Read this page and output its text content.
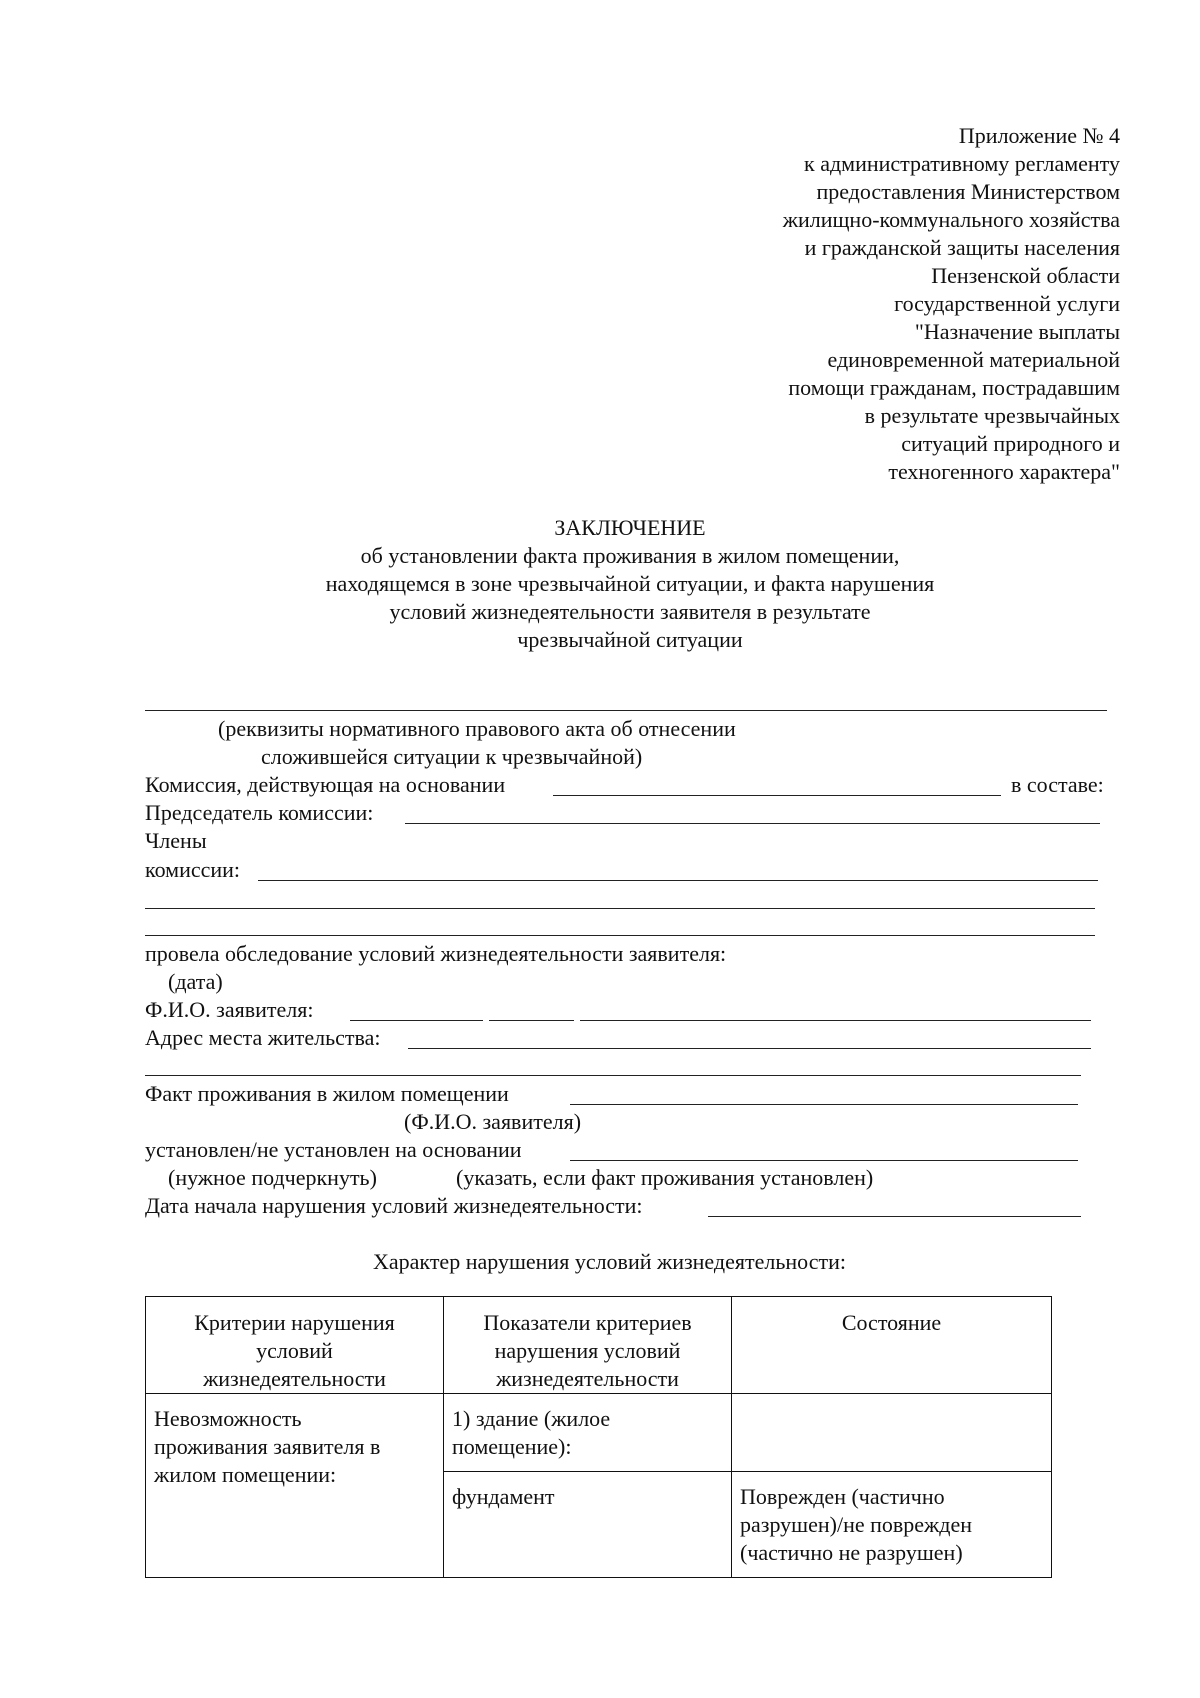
Приложение № 4
к административному регламенту
предоставления Министерством
жилищно-коммунального хозяйства
и гражданской защиты населения
Пензенской области
государственной услуги
"Назначение выплаты
единовременной материальной
помощи гражданам, пострадавшим
в результате чрезвычайных
ситуаций природного и
техногенного характера"
ЗАКЛЮЧЕНИЕ
об установлении факта проживания в жилом помещении,
находящемся в зоне чрезвычайной ситуации, и факта нарушения
условий жизнедеятельности заявителя в результате
чрезвычайной ситуации
(реквизиты нормативного правового акта об отнесении
сложившейся ситуации к чрезвычайной)
Комиссия, действующая на основании	в составе:
Председатель комиссии:
Члены
комиссии:
провела обследование условий жизнедеятельности заявителя:
(дата)
Ф.И.О. заявителя:
Адрес места жительства:
Факт проживания в жилом помещении
(Ф.И.О. заявителя)
установлен/не установлен на основании
(нужное подчеркнуть)	(указать, если факт проживания установлен)
Дата начала нарушения условий жизнедеятельности:
Характер нарушения условий жизнедеятельности:
Критерии нарушения
условий
жизнедеятельности	Показатели критериев
нарушения условий
жизнедеятельности	Состояние

Невозможность
проживания заявителя в
жилом помещении:	1) здание (жилое
помещение):	

	фундамент	Поврежден (частично
разрушен)/не поврежден
(частично не разрушен)
